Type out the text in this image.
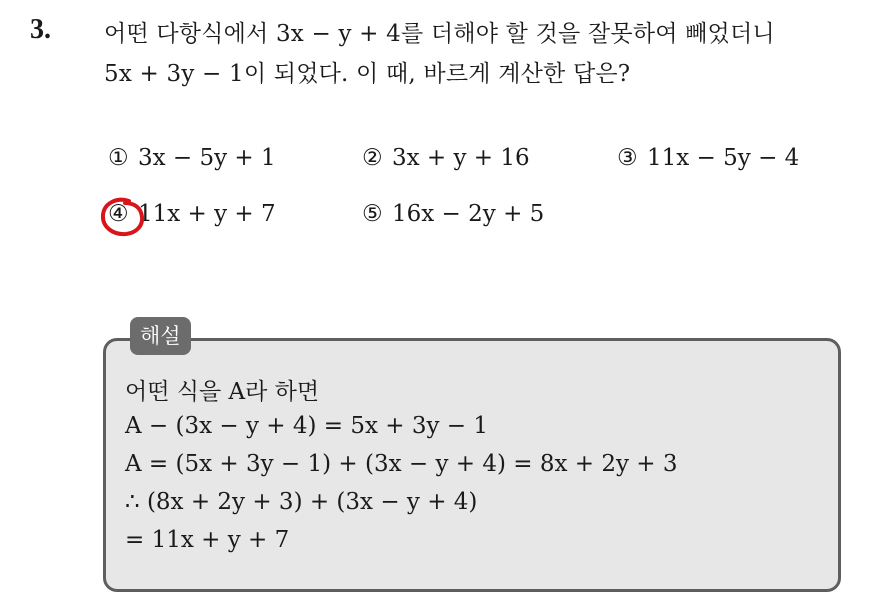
3. 어떤 다항식에서 3x − y + 4를 더해야 할 것을 잘못하여 빼었더니
5x + 3y − 1이 되었다. 이 때, 바르게 계산한 답은?
① 3x − 5y + 1	② 3x + y + 16	③ 11x − 5y − 4
④ 11x + y + 7	⑤ 16x − 2y + 5
해설
어떤 식을 A라 하면
A − (3x − y + 4) = 5x + 3y − 1
A = (5x + 3y − 1) + (3x − y + 4) = 8x + 2y + 3
∴ (8x + 2y + 3) + (3x − y + 4)
= 11x + y + 7
